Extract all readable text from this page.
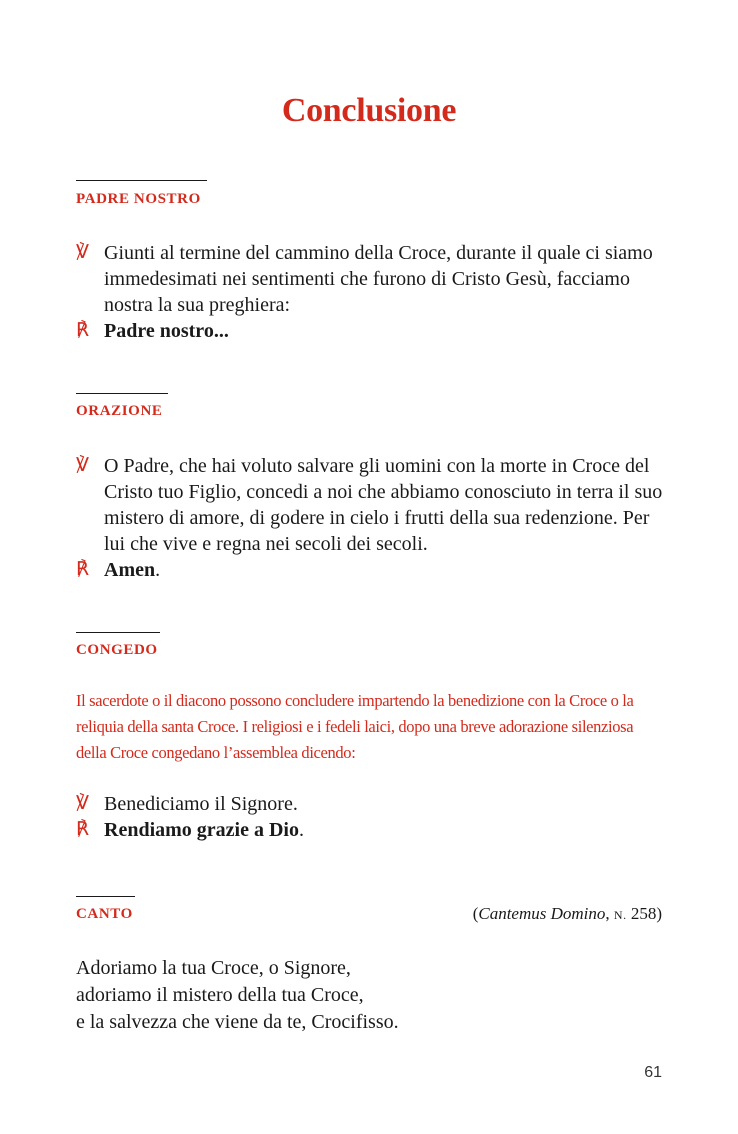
Conclusione
PADRE NOSTRO
℣ Giunti al termine del cammino della Croce, durante il quale ci siamo immedesimati nei sentimenti che furono di Cristo Gesù, facciamo nostra la sua preghiera:
℟ Padre nostro...
ORAZIONE
℣ O Padre, che hai voluto salvare gli uomini con la morte in Croce del Cristo tuo Figlio, concedi a noi che abbiamo conosciuto in terra il suo mistero di amore, di godere in cielo i frutti della sua redenzione. Per lui che vive e regna nei secoli dei secoli.
℟ Amen.
CONGEDO
Il sacerdote o il diacono possono concludere impartendo la benedizione con la Croce o la reliquia della santa Croce. I religiosi e i fedeli laici, dopo una breve adorazione silenziosa della Croce congedano l’assemblea dicendo:
℣ Benediciamo il Signore.
℟ Rendiamo grazie a Dio.
CANTO	(Cantemus Domino, N. 258)
Adoriamo la tua Croce, o Signore,
adoriamo il mistero della tua Croce,
e la salvezza che viene da te, Crocifisso.
61
